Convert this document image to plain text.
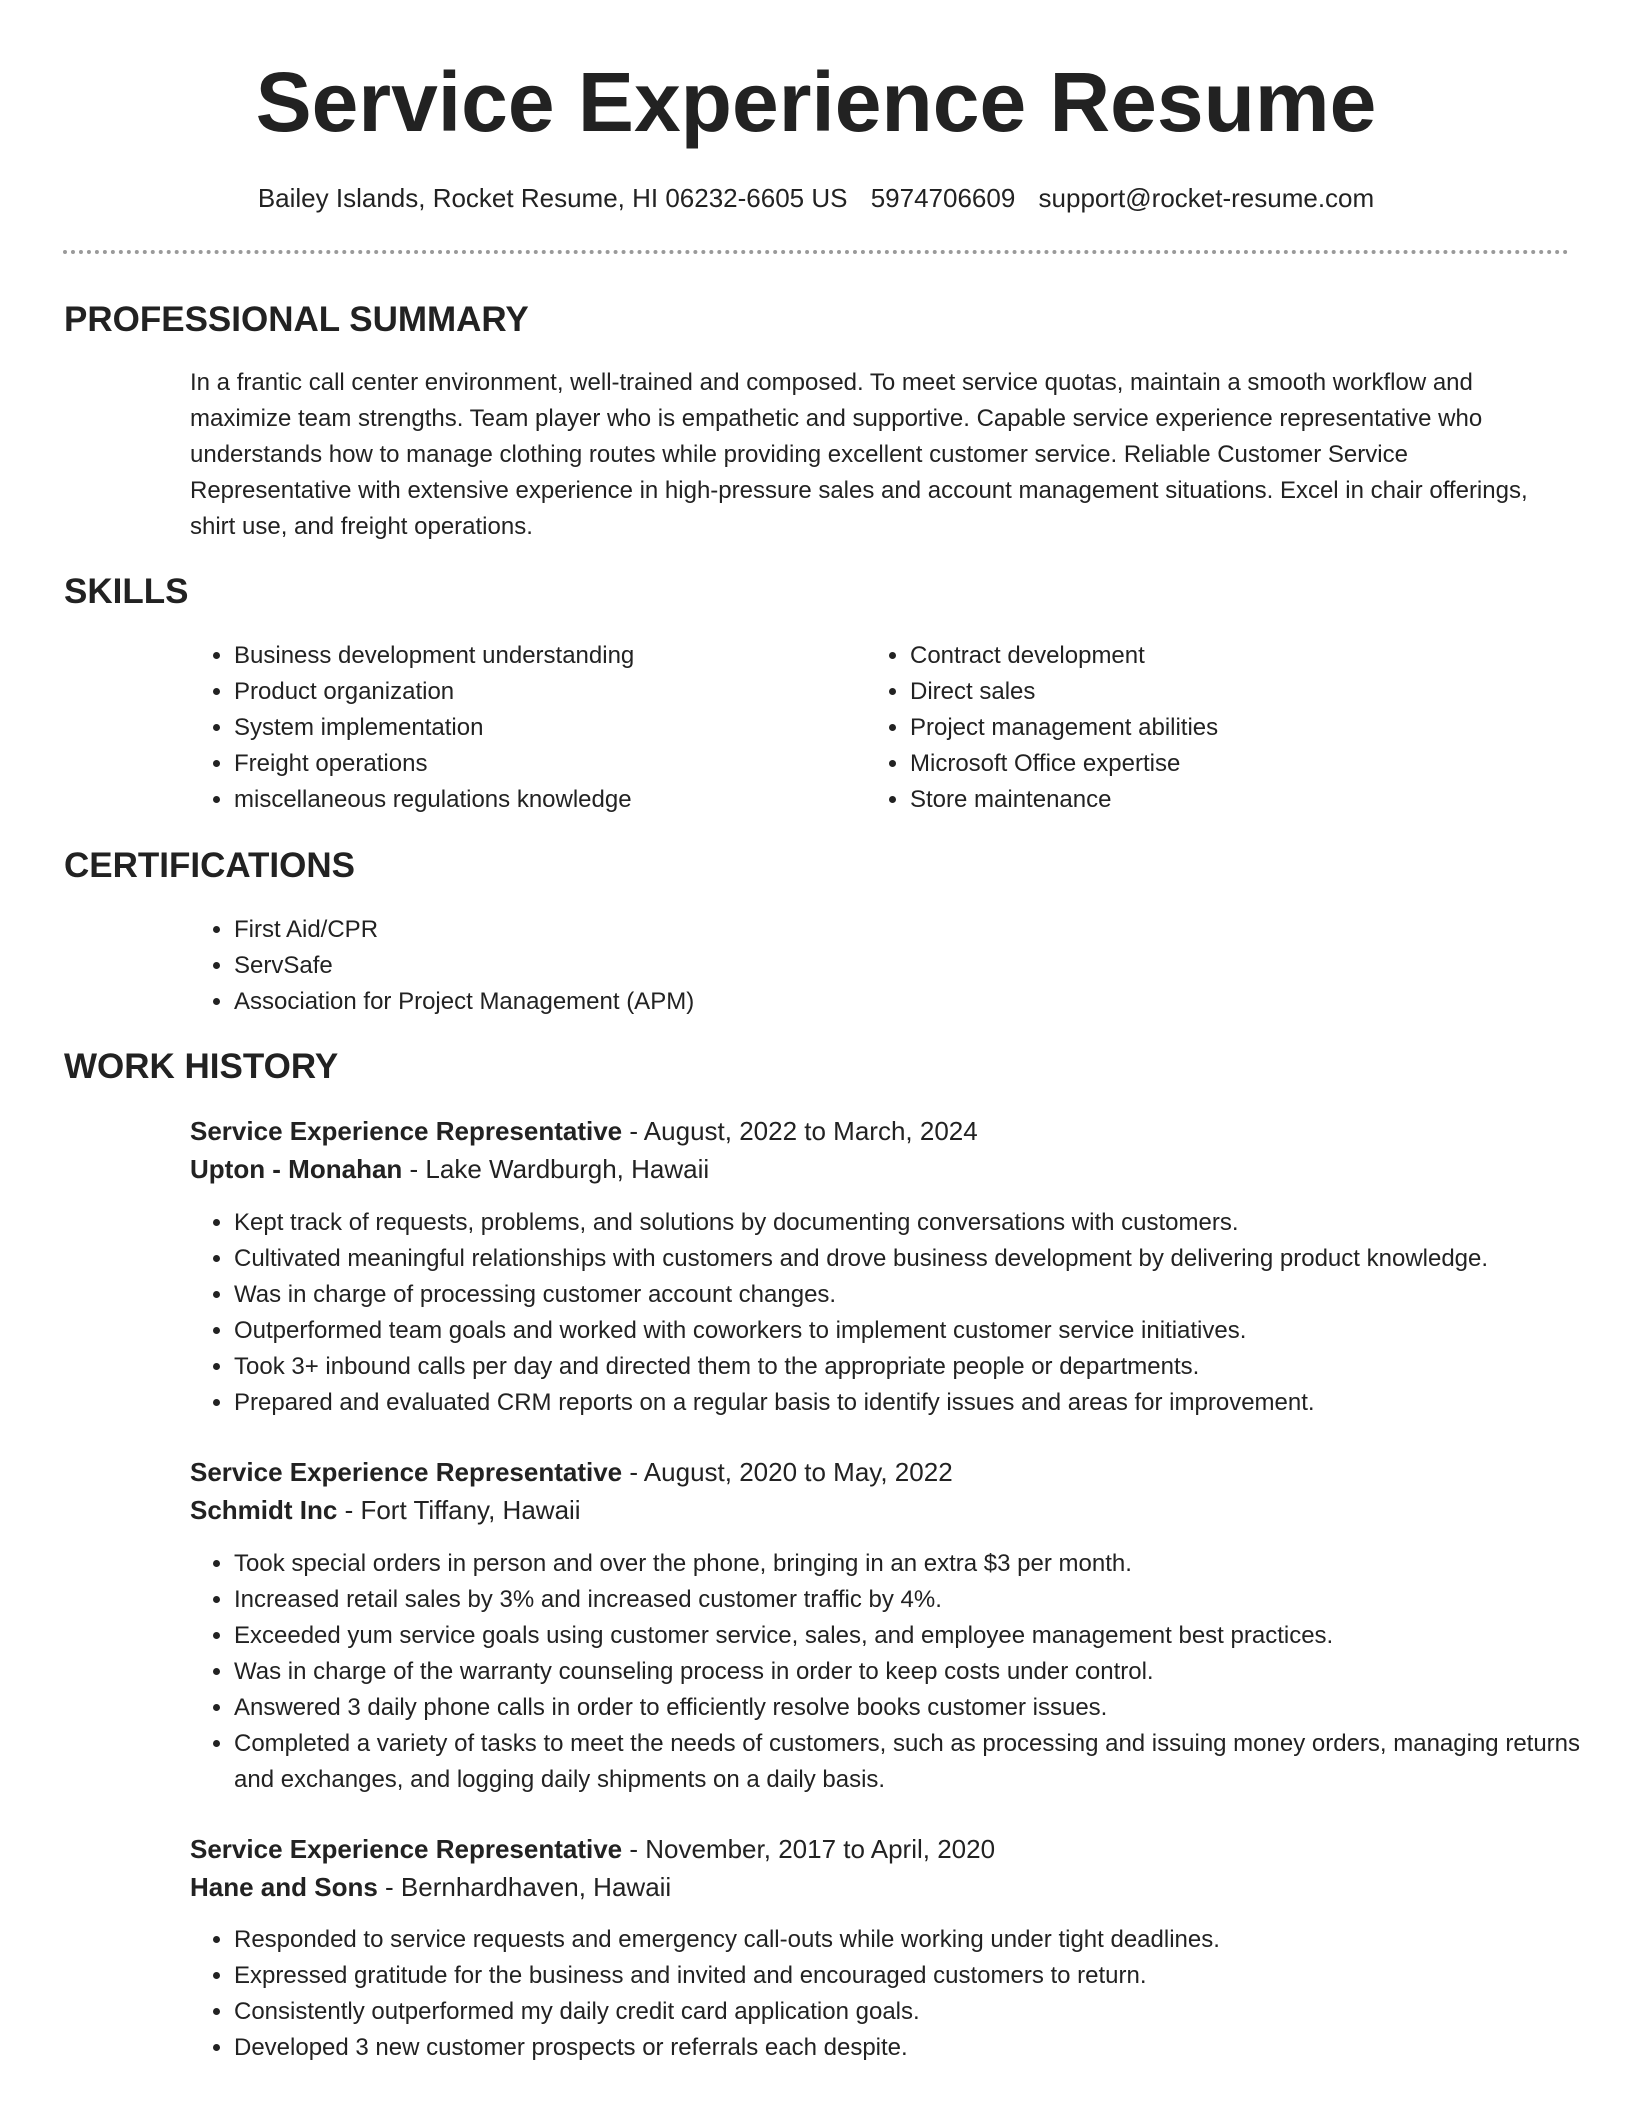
Service Experience Resume
Bailey Islands, Rocket Resume, HI 06232-6605 US 5974706609 support@rocket-resume.com
PROFESSIONAL SUMMARY

In a frantic call center environment, well-trained and composed. To meet service quotas, maintain a smooth workflow and maximize team strengths. Team player who is empathetic and supportive. Capable service experience representative who understands how to manage clothing routes while providing excellent customer service. Reliable Customer Service Representative with extensive experience in high-pressure sales and account management situations. Excel in chair offerings, shirt use, and freight operations.

SKILLS
• Business development understanding
• Product organization
• System implementation
• Freight operations
• miscellaneous regulations knowledge
• Contract development
• Direct sales
• Project management abilities
• Microsoft Office expertise
• Store maintenance
CERTIFICATIONS
• First Aid/CPR
• ServSafe
• Association for Project Management (APM)
WORK HISTORY
Service Experience Representative - August, 2022 to March, 2024
Upton - Monahan - Lake Wardburgh, Hawaii
• Kept track of requests, problems, and solutions by documenting conversations with customers.
• Cultivated meaningful relationships with customers and drove business development by delivering product knowledge.
• Was in charge of processing customer account changes.
• Outperformed team goals and worked with coworkers to implement customer service initiatives.
• Took 3+ inbound calls per day and directed them to the appropriate people or departments.
• Prepared and evaluated CRM reports on a regular basis to identify issues and areas for improvement.
Service Experience Representative - August, 2020 to May, 2022
Schmidt Inc - Fort Tiffany, Hawaii
• Took special orders in person and over the phone, bringing in an extra $3 per month.
• Increased retail sales by 3% and increased customer traffic by 4%.
• Exceeded yum service goals using customer service, sales, and employee management best practices.
• Was in charge of the warranty counseling process in order to keep costs under control.
• Answered 3 daily phone calls in order to efficiently resolve books customer issues.
• Completed a variety of tasks to meet the needs of customers, such as processing and issuing money orders, managing returns and exchanges, and logging daily shipments on a daily basis.
Service Experience Representative - November, 2017 to April, 2020
Hane and Sons - Bernhardhaven, Hawaii
• Responded to service requests and emergency call-outs while working under tight deadlines.
• Expressed gratitude for the business and invited and encouraged customers to return.
• Consistently outperformed my daily credit card application goals.
• Developed 3 new customer prospects or referrals each despite.
